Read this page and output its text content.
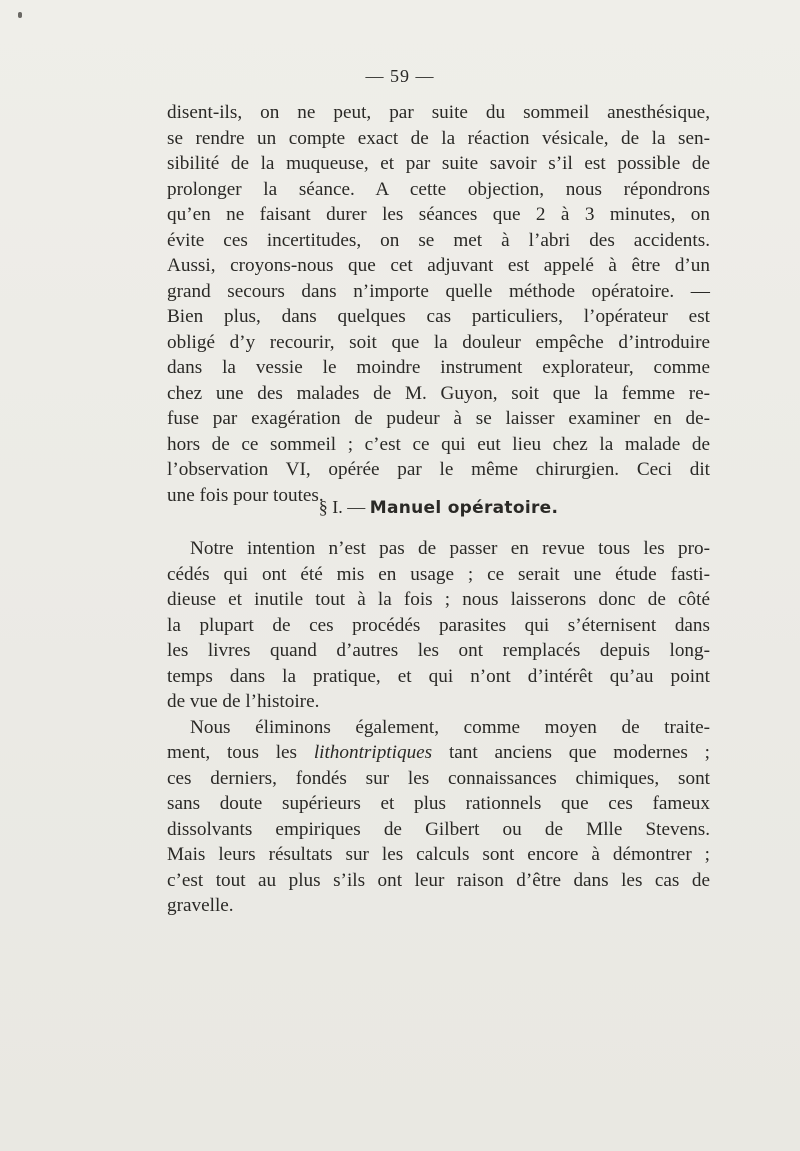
— 59 —
disent-ils, on ne peut, par suite du sommeil anesthésique,
se rendre un compte exact de la réaction vésicale, de la sen-
sibilité de la muqueuse, et par suite savoir s’il est possible de
prolonger la séance. A cette objection, nous répondrons
qu’en ne faisant durer les séances que 2 à 3 minutes, on
évite ces incertitudes, on se met à l’abri des accidents.
Aussi, croyons-nous que cet adjuvant est appelé à être d’un
grand secours dans n’importe quelle méthode opératoire. —
Bien plus, dans quelques cas particuliers, l’opérateur est
obligé d’y recourir, soit que la douleur empêche d’introduire
dans la vessie le moindre instrument explorateur, comme
chez une des malades de M. Guyon, soit que la femme re-
fuse par exagération de pudeur à se laisser examiner en de-
hors de ce sommeil ; c’est ce qui eut lieu chez la malade de
l’observation VI, opérée par le même chirurgien. Ceci dit
une fois pour toutes.
§ I. — Manuel opératoire.
Notre intention n’est pas de passer en revue tous les pro-
cédés qui ont été mis en usage ; ce serait une étude fasti-
dieuse et inutile tout à la fois ; nous laisserons donc de côté
la plupart de ces procédés parasites qui s’éternisent dans
les livres quand d’autres les ont remplacés depuis long-
temps dans la pratique, et qui n’ont d’intérêt qu’au point
de vue de l’histoire.
Nous éliminons également, comme moyen de traite-
ment, tous les lithontriptiques tant anciens que modernes ;
ces derniers, fondés sur les connaissances chimiques, sont
sans doute supérieurs et plus rationnels que ces fameux
dissolvants empiriques de Gilbert ou de Mlle Stevens.
Mais leurs résultats sur les calculs sont encore à démontrer ;
c’est tout au plus s’ils ont leur raison d’être dans les cas de
gravelle.
